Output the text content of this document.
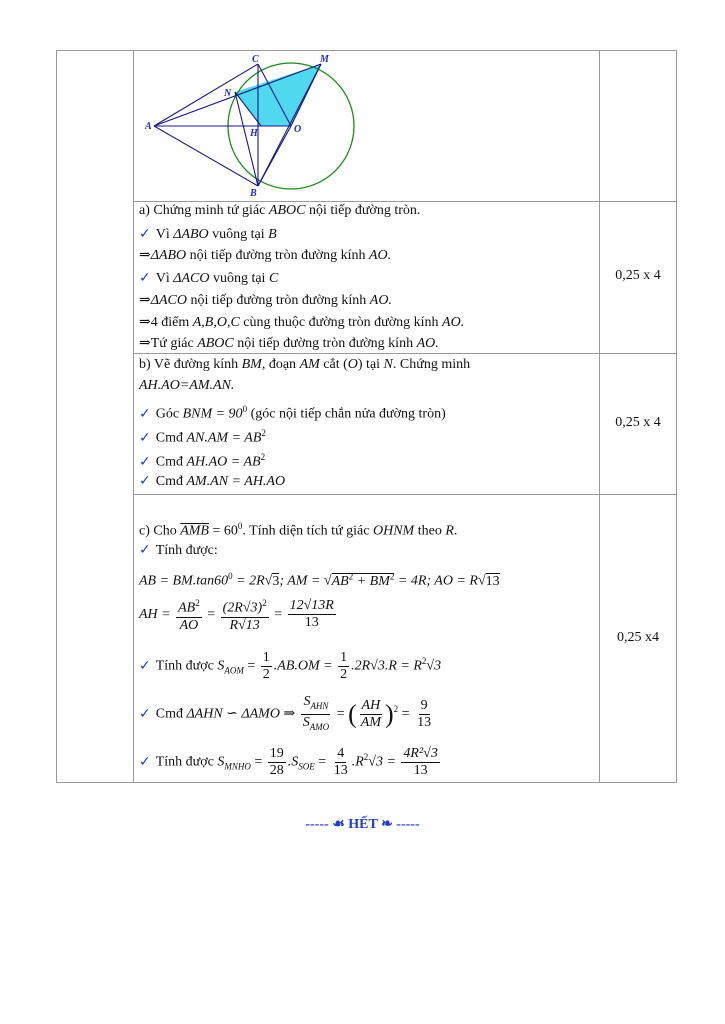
C	M
N
A
H	O
B
a) Chứng minh tứ giác ABOC nội tiếp đường tròn.
✓ Vì ΔABO vuông tại B
⇒ΔABO nội tiếp đường tròn đường kính AO.
✓ Vì ΔACO vuông tại C
⇒ΔACO nội tiếp đường tròn đường kính AO.
⇒4 điểm A,B,O,C cùng thuộc đường tròn đường kính AO.
⇒Tứ giác ABOC nội tiếp đường tròn đường kính AO.
0,25 x 4
b) Vẽ đường kính BM, đoạn AM cắt (O) tại N. Chứng minh
AH.AO=AM.AN.
✓ Góc BNM = $90^0$ (góc nội tiếp chắn nửa đường tròn)
✓ Cmđ $AN.AM = AB^2$
✓ Cmđ $AH.AO = AB^2$
✓ Cmđ AM.AN = AH.AO
0,25 x 4
c) Cho $\overline{AMB} = 60^0$. Tính diện tích tứ giác OHNM theo R.
✓ Tính được:
AB = $BM.\tan 60^0 = 2R√3$; AM = $√AB^2 + BM^2 = 4R$; AO = R√13
AH = $\frac{AB^2}{AO} = \frac{(2R√3)^2}{R√13} = \frac{12√13R}{13}$
✓ Tính được $S_{AOM} = \frac{1}{2} .AB.OM = \frac{1}{2} .2R√3.R = R^2√3$
✓ Cmđ ΔAHN ∽ ΔAMO ⇒ $\frac{S_{AHN}}{S_{AMO}}$ = ( $\frac{AH}{AM} )^2 = \frac{9}{13}$
✓ Tính được $S_{MNHO} = \frac{19}{28} .S_{SOE} = \frac{4}{13} .R^2√3 = \frac{\text{4R²√3}}{13}$
0,25 x4
----- ☙ HẾT ❧ -----
